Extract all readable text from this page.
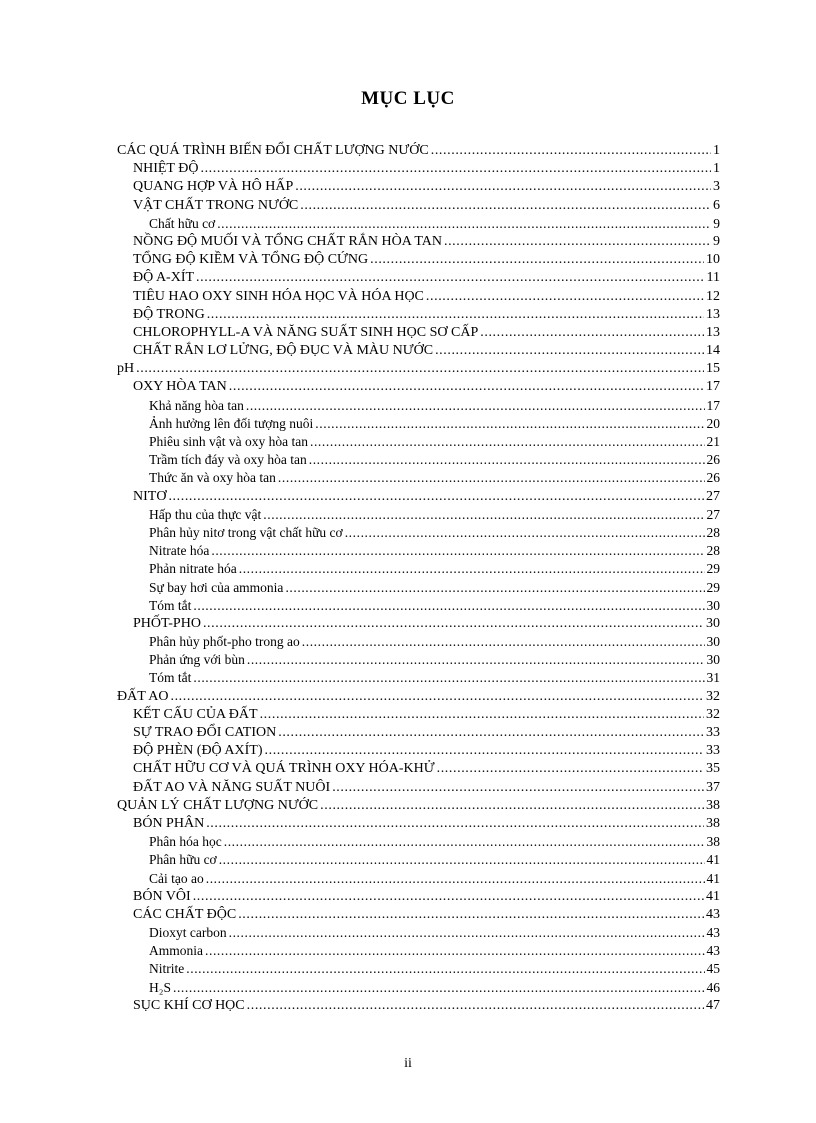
MỤC LỤC
CÁC QUÁ TRÌNH BIẾN ĐỔI CHẤT LƯỢNG NƯỚC .....	1
NHIỆT ĐỘ .....	1
QUANG HỢP VÀ HÔ HẤP .....	3
VẬT CHẤT TRONG NƯỚC .....	6
Chất hữu cơ .....	9
NỒNG ĐỘ MUỐI VÀ TỔNG CHẤT RẮN HÒA TAN .....	9
TỔNG ĐỘ KIỀM VÀ TỔNG ĐỘ CỨNG .....	10
ĐỘ A-XÍT .....	11
TIÊU HAO OXY SINH HÓA HỌC VÀ HÓA HỌC .....	12
ĐỘ TRONG .....	13
CHLOROPHYLL-A VÀ NĂNG SUẤT SINH HỌC SƠ CẤP .....	13
CHẤT RẮN LƠ LỬNG, ĐỘ ĐỤC VÀ MÀU NƯỚC .....	14
pH .....	15
OXY HÒA TAN .....	17
Khả năng hòa tan .....	17
Ảnh hưởng lên đối tượng nuôi .....	20
Phiêu sinh vật và oxy hòa tan .....	21
Trầm tích đáy và oxy hòa tan .....	26
Thức ăn và oxy hòa tan .....	26
NITƠ .....	27
Hấp thu của thực vật .....	27
Phân hủy nitơ trong vật chất hữu cơ .....	28
Nitrate hóa .....	28
Phản nitrate hóa .....	29
Sự bay hơi của ammonia .....	29
Tóm tắt .....	30
PHỐT-PHO .....	30
Phân hủy phốt-pho trong ao .....	30
Phản ứng với bùn .....	30
Tóm tắt .....	31
ĐẤT AO .....	32
KẾT CẤU CỦA ĐẤT .....	32
SỰ TRAO ĐỔI CATION .....	33
ĐỘ PHÈN (ĐỘ AXÍT) .....	33
CHẤT HỮU CƠ VÀ QUÁ TRÌNH OXY HÓA-KHỬ .....	35
ĐẤT AO VÀ NĂNG SUẤT NUÔI .....	37
QUẢN LÝ CHẤT LƯỢNG NƯỚC .....	38
BÓN PHÂN .....	38
Phân hóa học .....	38
Phân hữu cơ .....	41
Cải tạo ao .....	41
BÓN VÔI .....	41
CÁC CHẤT ĐỘC .....	43
Dioxyt carbon .....	43
Ammonia .....	43
Nitrite .....	45
H₂S .....	46
SỤC KHÍ CƠ HỌC .....	47
ii
